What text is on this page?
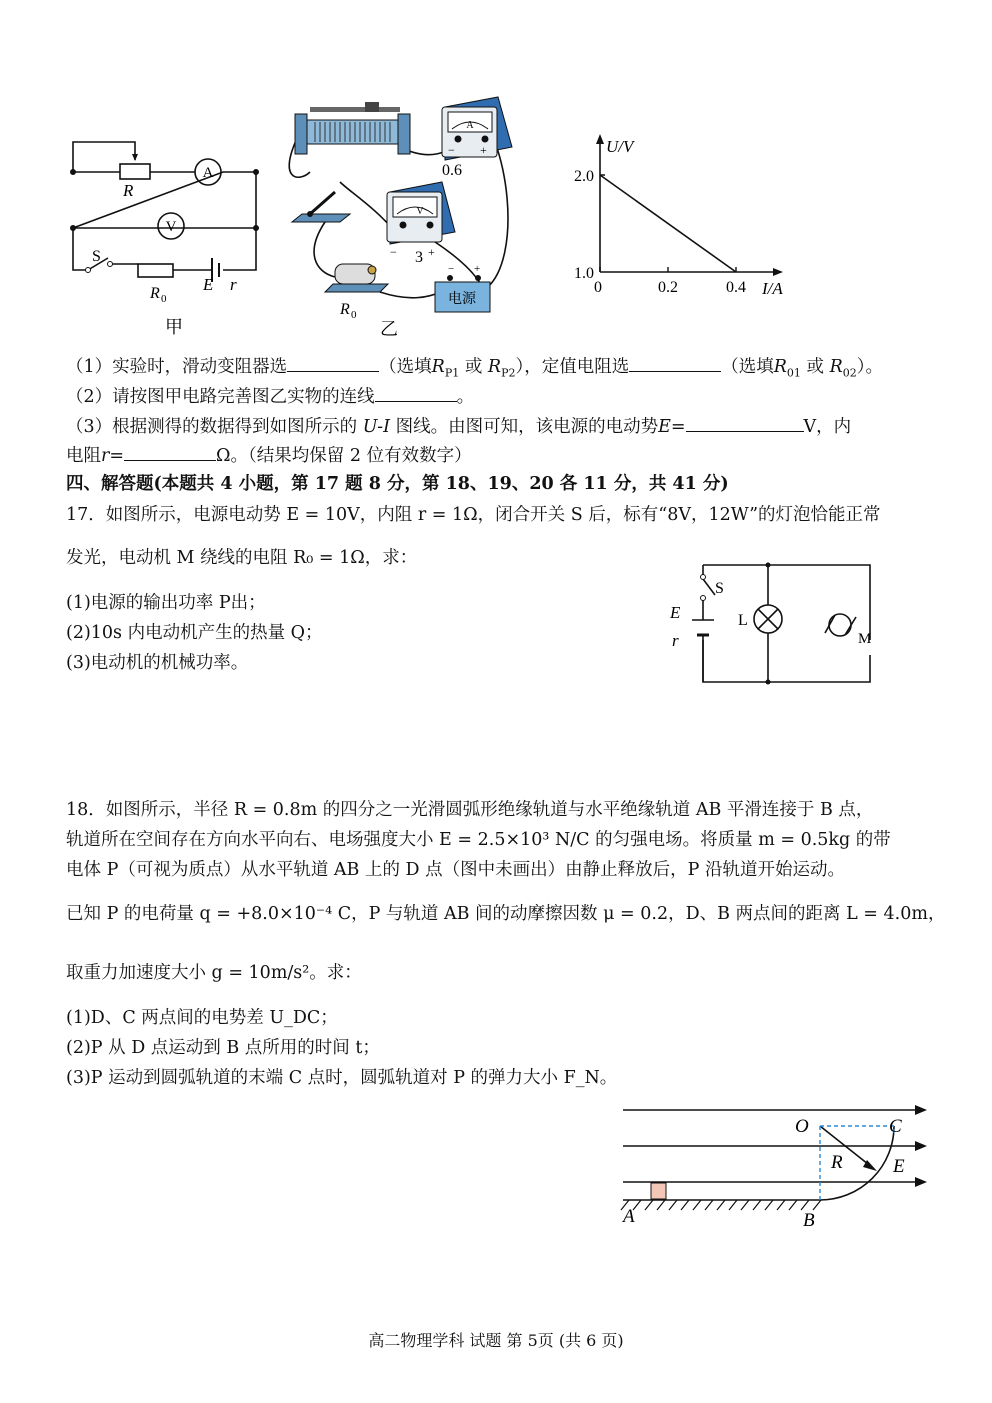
A
V
R
S
R 0
E r
甲
A
− +
0.6
V
−	+
3
R 0
− +
电源
乙
U/V
I/A
0	0.2	0.4
1.0
2.0
（1）实验时，滑动变阻器选	（选填$R_{P1}$ 或 $R_{P2}$），定值电阻选	（选填$R_{01}$ 或 $R_{02}$）。
（2）请按图甲电路完善图乙实物的连线	。
（3）根据测得的数据得到如图所示的 U-I 图线。由图可知，该电源的电动势E=	V，内
电阻r=	Ω。（结果均保留 2 位有效数字）
四、解答题(本题共 4 小题，第 17 题 8 分，第 18、19、20 各 11 分，共 41 分)
17．如图所示，电源电动势 E = 10V，内阻 r = 1Ω，闭合开关 S 后，标有“8V，12W”的灯泡恰能正常
发光，电动机 M 绕线的电阻 R₀ = 1Ω，求：
(1)电源的输出功率 P出；
(2)10s 内电动机产生的热量 Q；
(3)电动机的机械功率。
S
E
r
L
M
18．如图所示，半径 R = 0.8m 的四分之一光滑圆弧形绝缘轨道与水平绝缘轨道 AB 平滑连接于 B 点，
轨道所在空间存在方向水平向右、电场强度大小 E = 2.5×10³ N/C 的匀强电场。将质量 m = 0.5kg 的带
电体 P（可视为质点）从水平轨道 AB 上的 D 点（图中未画出）由静止释放后，P 沿轨道开始运动。
已知 P 的电荷量 q = +8.0×10⁻⁴ C，P 与轨道 AB 间的动摩擦因数 μ = 0.2，D、B 两点间的距离 L = 4.0m，
取重力加速度大小 g = 10m/s²。求：
(1)D、C 两点间的电势差 U_DC；
(2)P 从 D 点运动到 B 点所用的时间 t；
(3)P 运动到圆弧轨道的末端 C 点时，圆弧轨道对 P 的弹力大小 F_N。
O	C
R	E
A	B
高二物理学科 试题 第 5页 (共 6 页)
